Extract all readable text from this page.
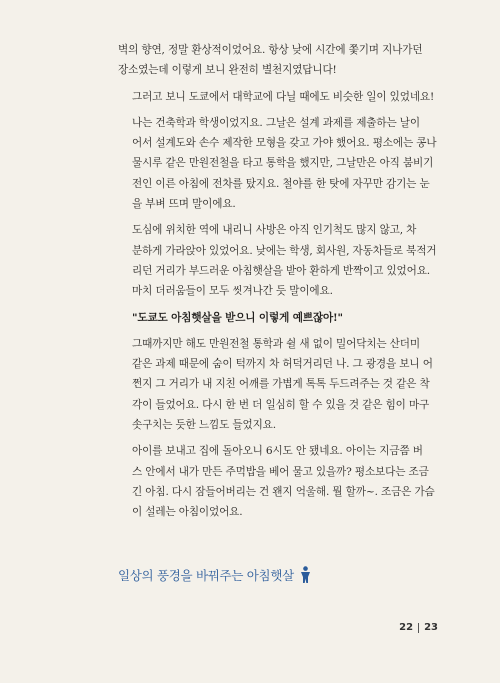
벽의 향연, 정말 환상적이었어요. 항상 낮에 시간에 쫓기며 지나가던
장소였는데 이렇게 보니 완전히 별천지였답니다!

그러고 보니 도쿄에서 대학교에 다닐 때에도 비슷한 일이 있었네요!

나는 건축학과 학생이었지요. 그날은 설계 과제를 제출하는 날이
어서 설계도와 손수 제작한 모형을 갖고 가야 했어요. 평소에는 콩나
물시루 같은 만원전철을 타고 통학을 했지만, 그날만은 아직 붐비기
전인 이른 아침에 전차를 탔지요. 철야를 한 탓에 자꾸만 감기는 눈
을 부벼 뜨며 말이에요.

도심에 위치한 역에 내리니 사방은 아직 인기척도 많지 않고, 차
분하게 가라앉아 있었어요. 낮에는 학생, 회사원, 자동차들로 북적거
리던 거리가 부드러운 아침햇살을 받아 환하게 반짝이고 있었어요.
마치 더러움들이 모두 씻겨나간 듯 말이에요.

"도쿄도 아침햇살을 받으니 이렇게 예쁘잖아!"

그때까지만 해도 만원전철 통학과 쉴 새 없이 밀어닥치는 산더미
같은 과제 때문에 숨이 턱까지 차 허덕거리던 나. 그 광경을 보니 어
쩐지 그 거리가 내 지친 어깨를 가볍게 톡톡 두드려주는 것 같은 착
각이 들었어요. 다시 한 번 더 일심히 할 수 있을 것 같은 힘이 마구
솟구치는 듯한 느낌도 들었지요.

아이를 보내고 집에 돌아오니 6시도 안 됐네요. 아이는 지금쯤 버
스 안에서 내가 만든 주먹밥을 베어 물고 있을까? 평소보다는 조금
긴 아침. 다시 잠들어버리는 건 왠지 억울해. 뭘 할까~. 조금은 가슴
이 설레는 아침이었어요.

일상의 풍경을 바꿔주는 아침햇살
22 23
